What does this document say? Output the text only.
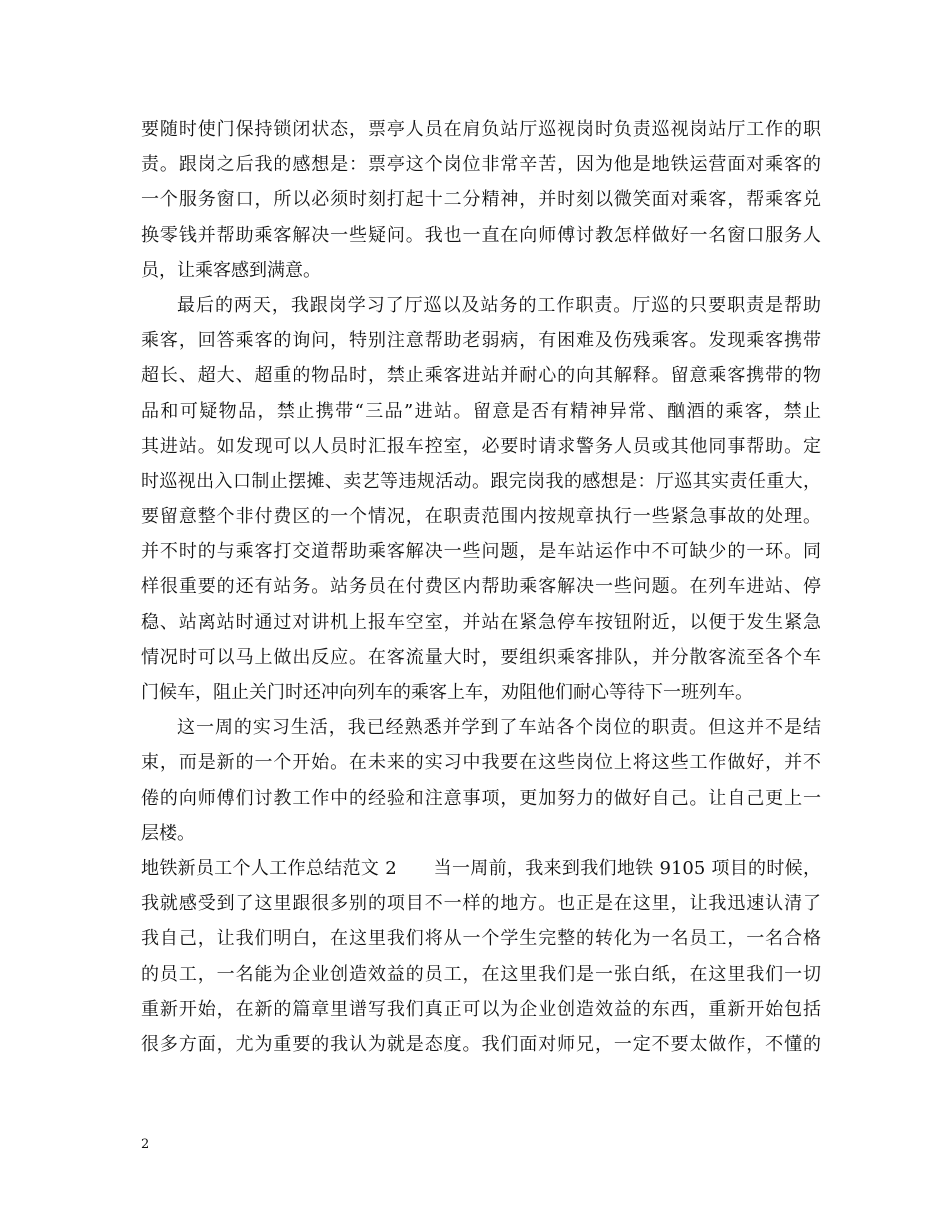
要随时使门保持锁闭状态，票亭人员在肩负站厅巡视岗时负责巡视岗站厅工作的职
责。跟岗之后我的感想是：票亭这个岗位非常辛苦，因为他是地铁运营面对乘客的
一个服务窗口，所以必须时刻打起十二分精神，并时刻以微笑面对乘客，帮乘客兑
换零钱并帮助乘客解决一些疑问。我也一直在向师傅讨教怎样做好一名窗口服务人
员，让乘客感到满意。
最后的两天，我跟岗学习了厅巡以及站务的工作职责。厅巡的只要职责是帮助
乘客，回答乘客的询问，特别注意帮助老弱病，有困难及伤残乘客。发现乘客携带
超长、超大、超重的物品时，禁止乘客进站并耐心的向其解释。留意乘客携带的物
品和可疑物品，禁止携带“三品”进站。留意是否有精神异常、酗酒的乘客，禁止
其进站。如发现可以人员时汇报车控室，必要时请求警务人员或其他同事帮助。定
时巡视出入口制止摆摊、卖艺等违规活动。跟完岗我的感想是：厅巡其实责任重大，
要留意整个非付费区的一个情况，在职责范围内按规章执行一些紧急事故的处理。
并不时的与乘客打交道帮助乘客解决一些问题，是车站运作中不可缺少的一环。同
样很重要的还有站务。站务员在付费区内帮助乘客解决一些问题。在列车进站、停
稳、站离站时通过对讲机上报车空室，并站在紧急停车按钮附近，以便于发生紧急
情况时可以马上做出反应。在客流量大时，要组织乘客排队，并分散客流至各个车
门候车，阻止关门时还冲向列车的乘客上车，劝阻他们耐心等待下一班列车。
这一周的实习生活，我已经熟悉并学到了车站各个岗位的职责。但这并不是结
束，而是新的一个开始。在未来的实习中我要在这些岗位上将这些工作做好，并不
倦的向师傅们讨教工作中的经验和注意事项，更加努力的做好自己。让自己更上一
层楼。
地铁新员工个人工作总结范文 2　　当一周前，我来到我们地铁 9105 项目的时候，
我就感受到了这里跟很多别的项目不一样的地方。也正是在这里，让我迅速认清了
我自己，让我们明白，在这里我们将从一个学生完整的转化为一名员工，一名合格
的员工，一名能为企业创造效益的员工，在这里我们是一张白纸，在这里我们一切
重新开始，在新的篇章里谱写我们真正可以为企业创造效益的东西，重新开始包括
很多方面，尤为重要的我认为就是态度。我们面对师兄，一定不要太做作，不懂的
2
